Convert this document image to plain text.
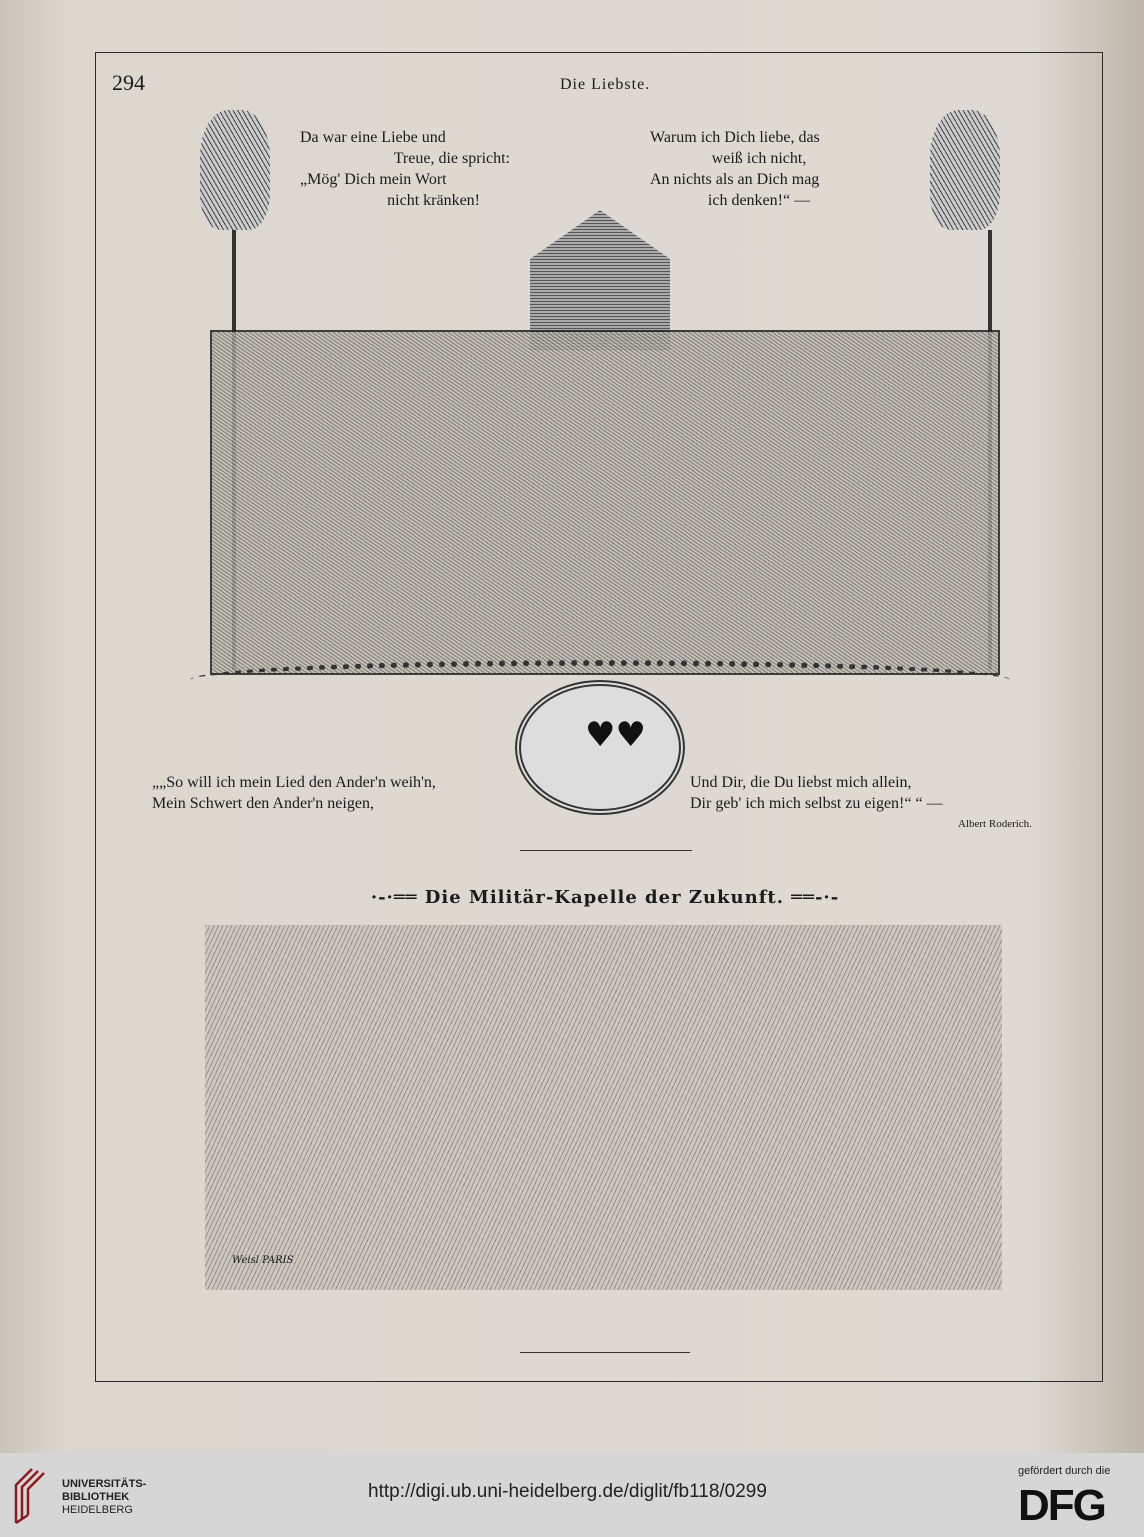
294	Die Liebste.
Da war eine Liebe und
Treue, die spricht:
„Mög' Dich mein Wort
nicht kränken!
Warum ich Dich liebe, das
weiß ich nicht,
An nichts als an Dich mag
ich denken!“ —
♥♥
„„So will ich mein Lied den Ander'n weih'n,
Mein Schwert den Ander'n neigen,
Und Dir, die Du liebst mich allein,
Dir geb' ich mich selbst zu eigen!“ “ —
Albert Roderich.
·-·══ Die Militär-Kapelle der Zukunft. ══-·-
Weisl PARIS
UNIVERSITÄTS-
BIBLIOTHEK
HEIDELBERG
http://digi.ub.uni-heidelberg.de/diglit/fb118/0299
gefördert durch die
DFG
